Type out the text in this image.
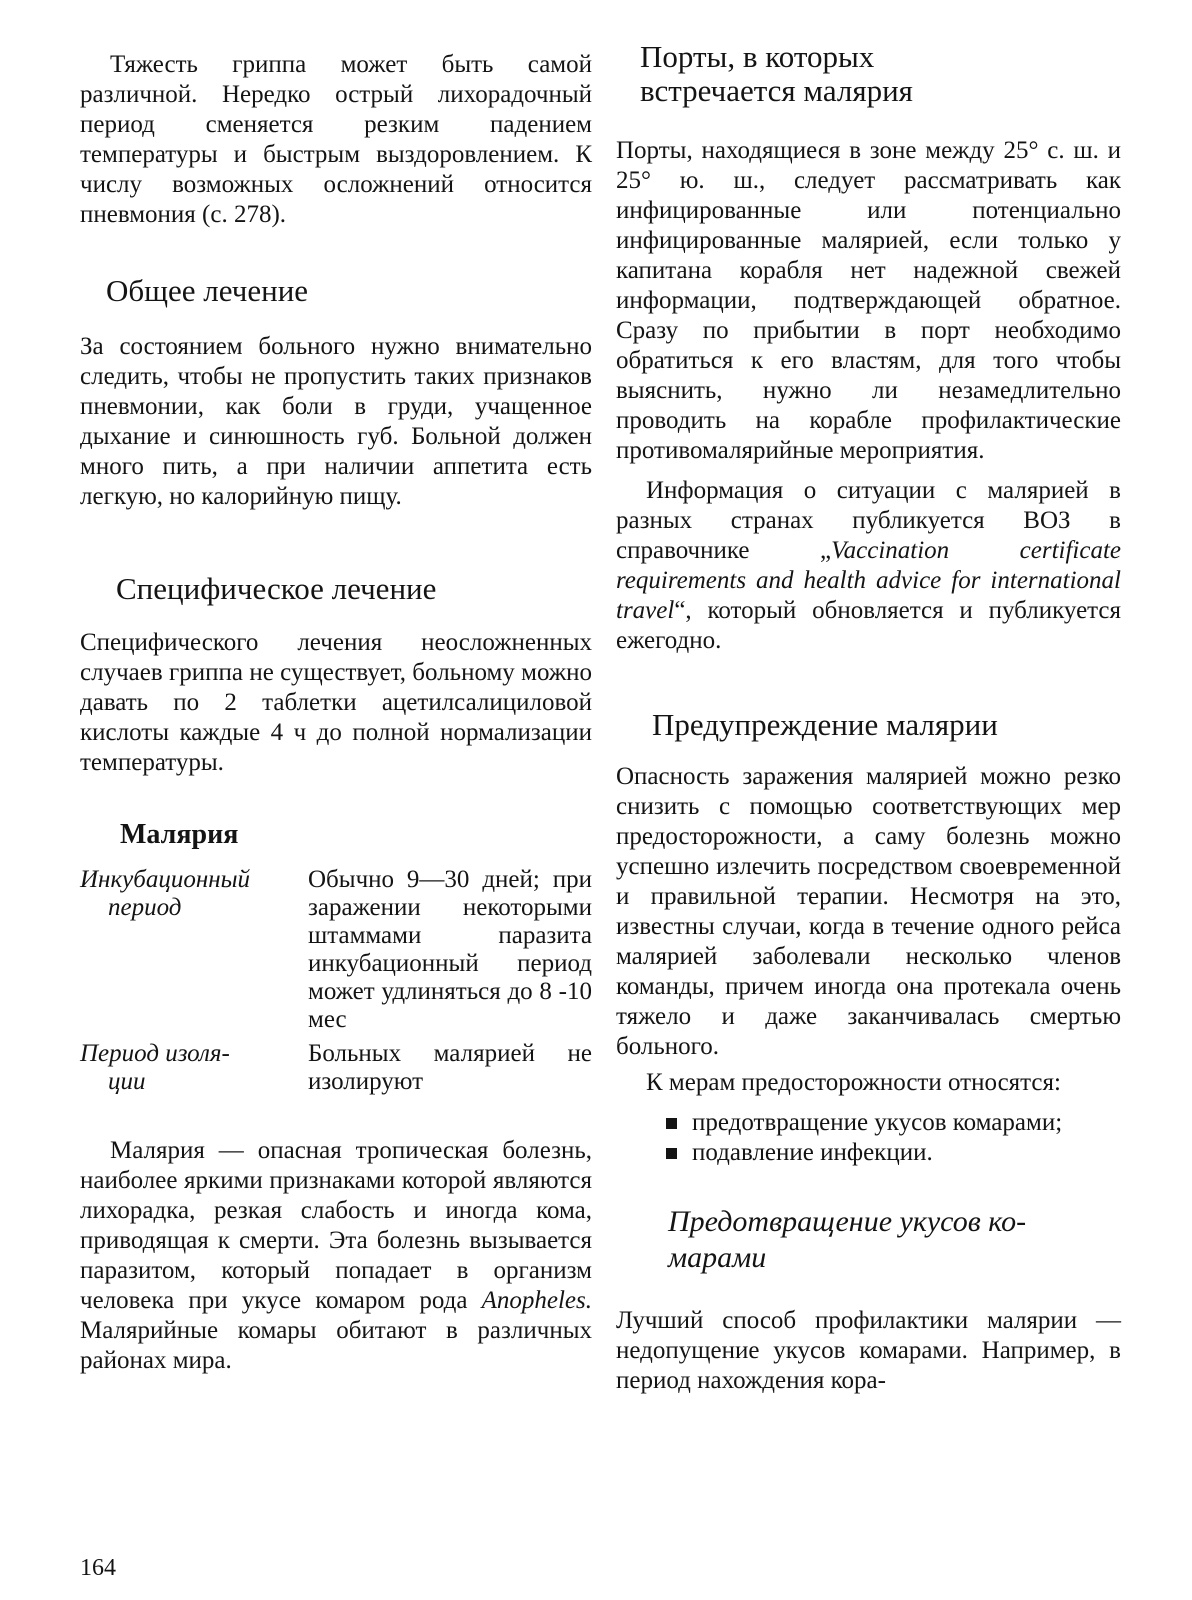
Тяжесть гриппа может быть самой различной. Нередко острый лихорадочный период сменяется резким падением температуры и быстрым выздоровлением. К числу возможных осложнений относится пневмония (с. 278).

Общее лечение

За состоянием больного нужно внимательно следить, чтобы не пропустить таких признаков пневмонии, как боли в груди, учащенное дыхание и синюшность губ. Больной должен много пить, а при наличии аппетита есть легкую, но калорийную пищу.

Специфическое лечение

Специфического лечения неосложненных случаев гриппа не существует, больному можно давать по 2 таблетки ацетилсалициловой кислоты каждые 4 ч до полной нормализации температуры.

Малярия
Инкубационный
период
Обычно 9—30 дней; при заражении некоторыми штаммами паразита инкубационный период может удлиняться до 8 -10 мес
Период изоля-
ции
Больных малярией не изолируют

Малярия — опасная тропическая болезнь, наиболее яркими признаками которой являются лихорадка, резкая слабость и иногда кома, приводящая к смерти. Эта болезнь вызывается паразитом, который попадает в организм человека при укусе комаром рода Anopheles. Малярийные комары обитают в различных районах мира.

Порты, в которых
встречается малярия

Порты, находящиеся в зоне между 25° с. ш. и 25° ю. ш., следует рассматривать как инфицированные или потенциально инфицированные малярией, если только у капитана корабля нет надежной свежей информации, подтверждающей обратное. Сразу по прибытии в порт необходимо обратиться к его властям, для того чтобы выяснить, нужно ли незамедлительно проводить на корабле профилактические противомалярийные мероприятия.

Информация о ситуации с малярией в разных странах публикуется ВОЗ в справочнике „Vaccination certificate requirements and health advice for international travel“, который обновляется и публикуется ежегодно.

Предупреждение малярии

Опасность заражения малярией можно резко снизить с помощью соответствующих мер предосторожности, а саму болезнь можно успешно излечить посредством своевременной и правильной терапии. Несмотря на это, известны случаи, когда в течение одного рейса малярией заболевали несколько членов команды, причем иногда она протекала очень тяжело и даже заканчивалась смертью больного.

К мерам предосторожности относятся:

предотвращение укусов комарами;
подавление инфекции.
Предотвращение укусов ко-
марами

Лучший способ профилактики малярии — недопущение укусов комарами. Например, в период нахождения кора-

164
